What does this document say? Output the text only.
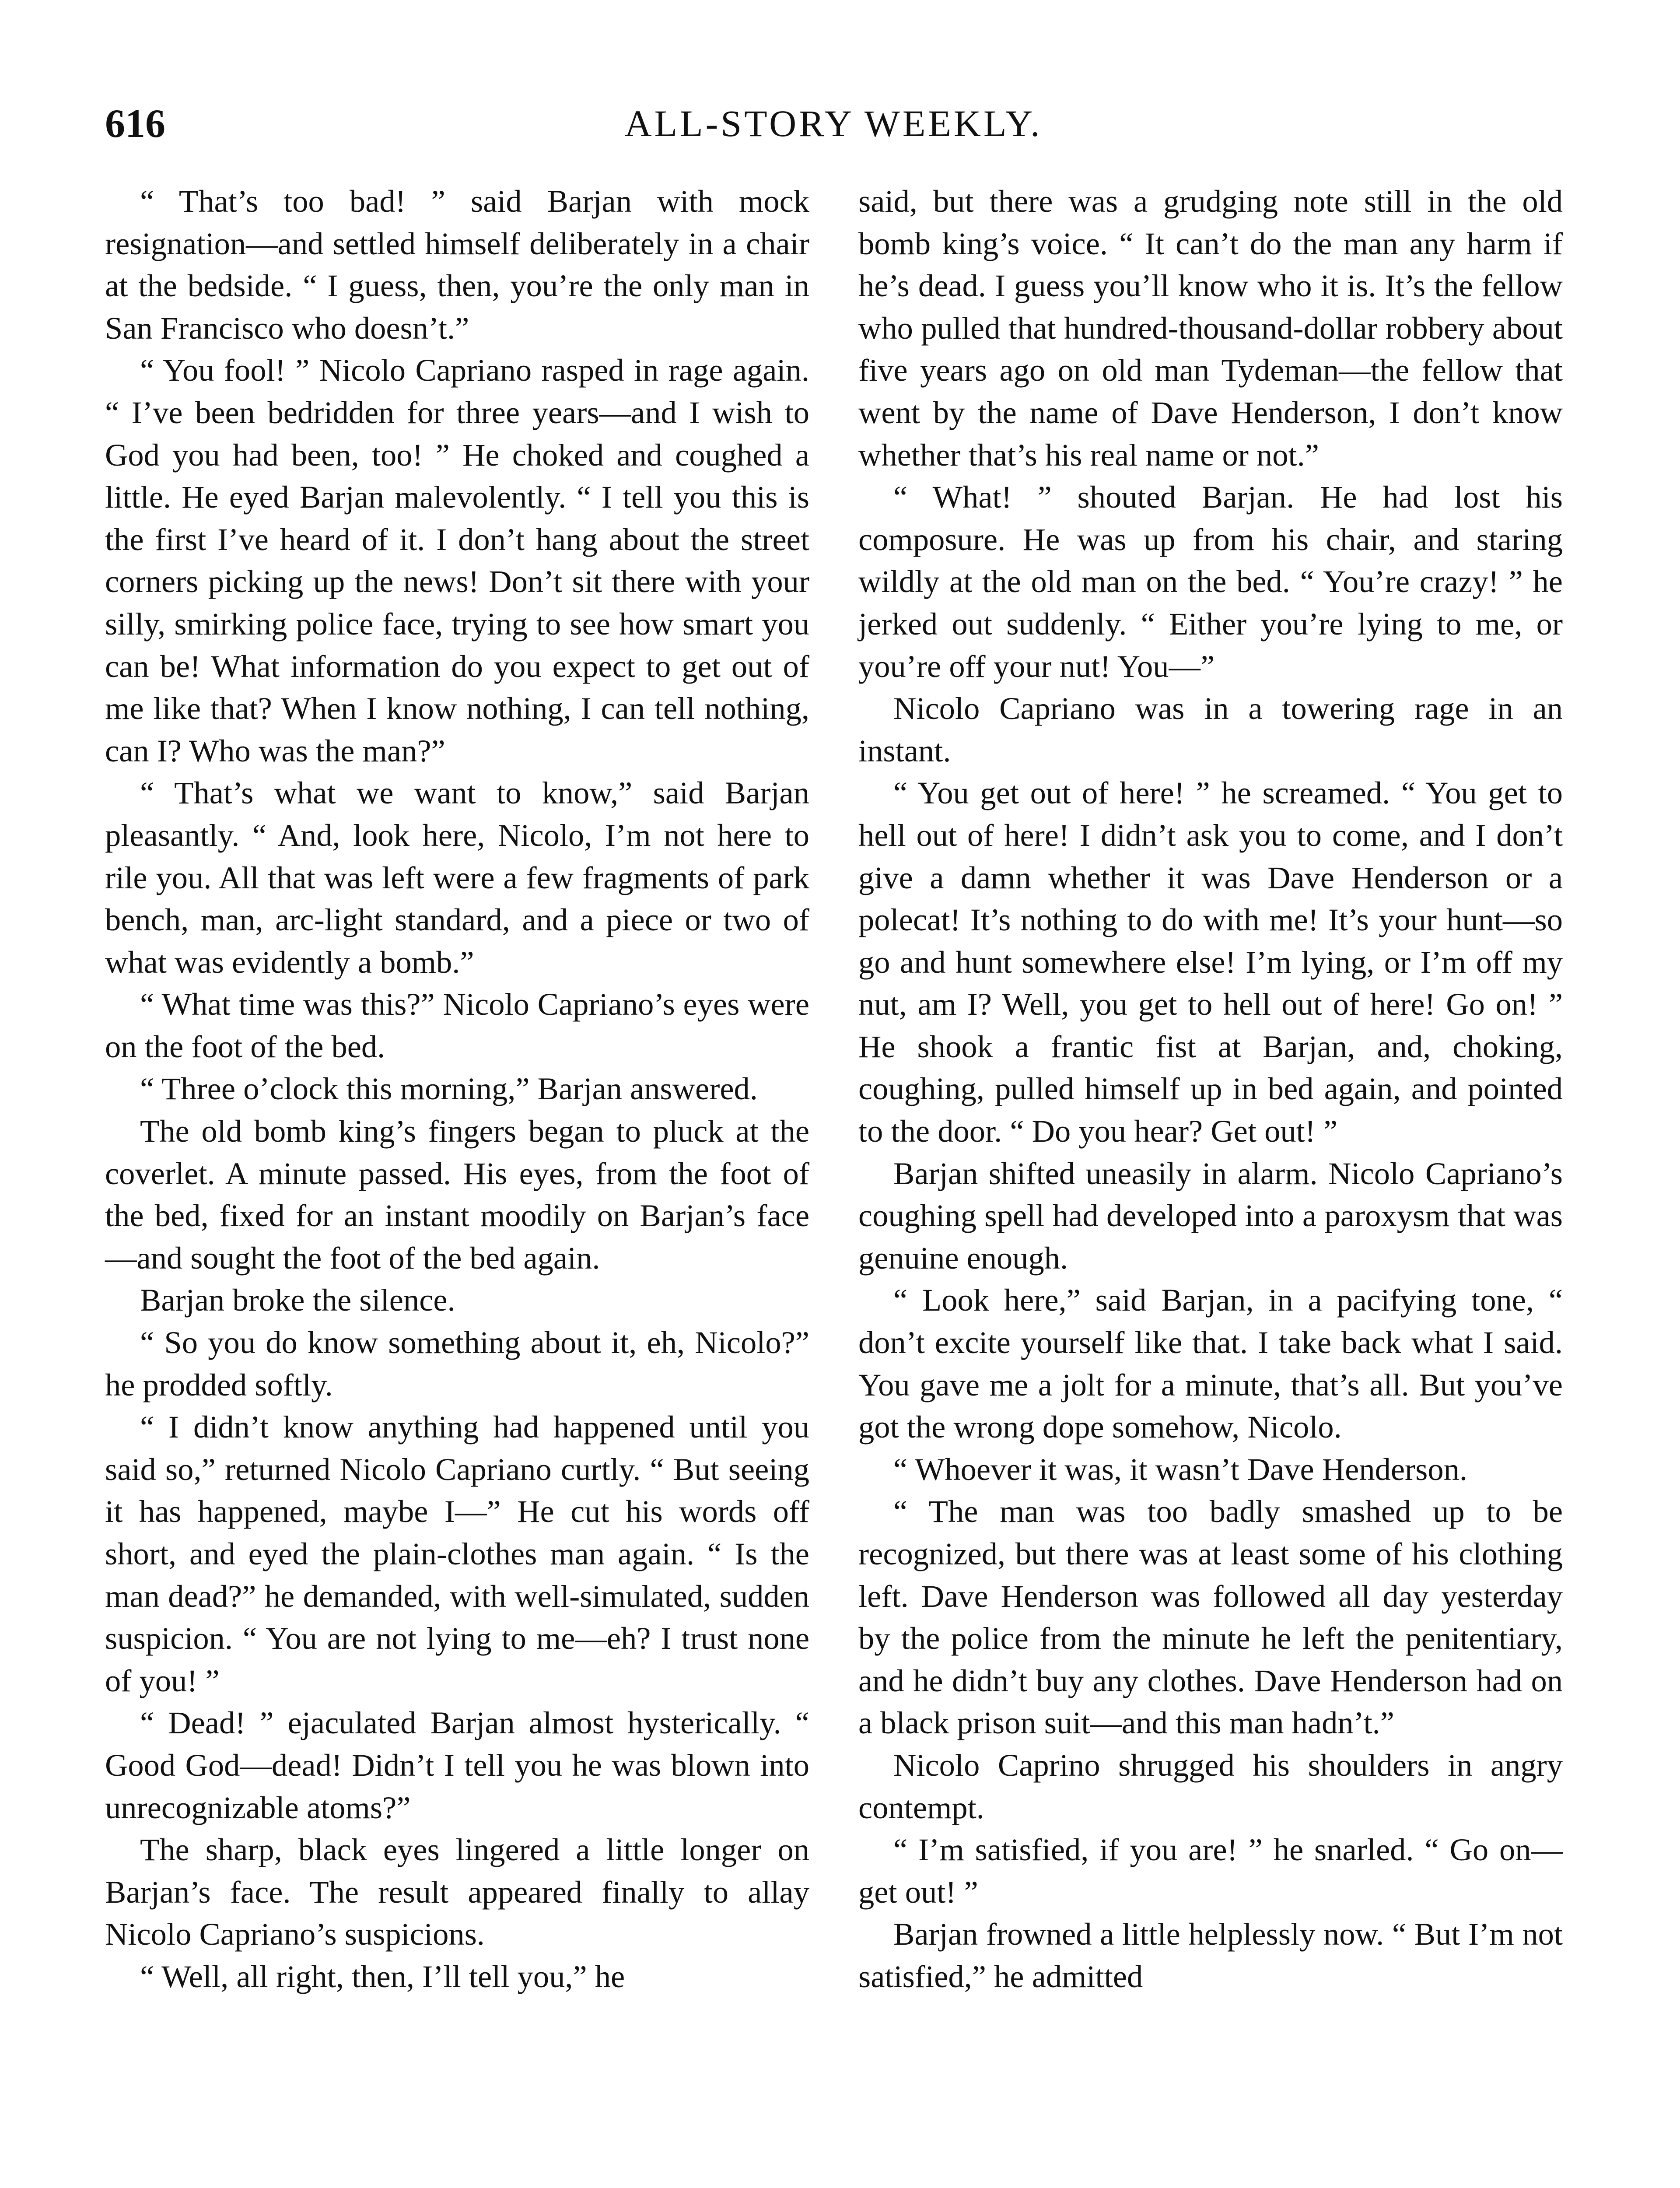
616	ALL-STORY WEEKLY.

“ That’s too bad! ” said Barjan with mock resignation—and settled himself deliberately in a chair at the bedside. “ I guess, then, you’re the only man in San Francisco who doesn’t.”

“ You fool! ” Nicolo Capriano rasped in rage again. “ I’ve been bedridden for three years—and I wish to God you had been, too! ” He choked and coughed a little. He eyed Barjan malevolently. “ I tell you this is the first I’ve heard of it. I don’t hang about the street corners picking up the news! Don’t sit there with your silly, smirking police face, trying to see how smart you can be! What information do you expect to get out of me like that? When I know nothing, I can tell nothing, can I? Who was the man?”

“ That’s what we want to know,” said Barjan pleasantly. “ And, look here, Nicolo, I’m not here to rile you. All that was left were a few fragments of park bench, man, arc-light standard, and a piece or two of what was evidently a bomb.”

“ What time was this?” Nicolo Capriano’s eyes were on the foot of the bed.

“ Three o’clock this morning,” Barjan answered.

The old bomb king’s fingers began to pluck at the coverlet. A minute passed. His eyes, from the foot of the bed, fixed for an instant moodily on Barjan’s face—and sought the foot of the bed again.

Barjan broke the silence.

“ So you do know something about it, eh, Nicolo?” he prodded softly.

“ I didn’t know anything had happened until you said so,” returned Nicolo Capriano curtly. “ But seeing it has happened, maybe I—” He cut his words off short, and eyed the plain-clothes man again. “ Is the man dead?” he demanded, with well-simulated, sudden suspicion. “ You are not lying to me—eh? I trust none of you! ”

“ Dead! ” ejaculated Barjan almost hysterically. “ Good God—dead! Didn’t I tell you he was blown into unrecognizable atoms?”

The sharp, black eyes lingered a little longer on Barjan’s face. The result appeared finally to allay Nicolo Capriano’s suspicions.

“ Well, all right, then, I’ll tell you,” he

said, but there was a grudging note still in the old bomb king’s voice. “ It can’t do the man any harm if he’s dead. I guess you’ll know who it is. It’s the fellow who pulled that hundred-thousand-dollar robbery about five years ago on old man Tydeman—the fellow that went by the name of Dave Henderson, I don’t know whether that’s his real name or not.”

“ What! ” shouted Barjan. He had lost his composure. He was up from his chair, and staring wildly at the old man on the bed. “ You’re crazy! ” he jerked out suddenly. “ Either you’re lying to me, or you’re off your nut! You—”

Nicolo Capriano was in a towering rage in an instant.

“ You get out of here! ” he screamed. “ You get to hell out of here! I didn’t ask you to come, and I don’t give a damn whether it was Dave Henderson or a polecat! It’s nothing to do with me! It’s your hunt—so go and hunt somewhere else! I’m lying, or I’m off my nut, am I? Well, you get to hell out of here! Go on! ” He shook a frantic fist at Barjan, and, choking, coughing, pulled himself up in bed again, and pointed to the door. “ Do you hear? Get out! ”

Barjan shifted uneasily in alarm. Nicolo Capriano’s coughing spell had developed into a paroxysm that was genuine enough.

“ Look here,” said Barjan, in a pacifying tone, “ don’t excite yourself like that. I take back what I said. You gave me a jolt for a minute, that’s all. But you’ve got the wrong dope somehow, Nicolo.

“ Whoever it was, it wasn’t Dave Henderson.

“ The man was too badly smashed up to be recognized, but there was at least some of his clothing left. Dave Henderson was followed all day yesterday by the police from the minute he left the penitentiary, and he didn’t buy any clothes. Dave Henderson had on a black prison suit—and this man hadn’t.”

Nicolo Caprino shrugged his shoulders in angry contempt.

“ I’m satisfied, if you are! ” he snarled. “ Go on—get out! ”

Barjan frowned a little helplessly now. “ But I’m not satisfied,” he admitted
